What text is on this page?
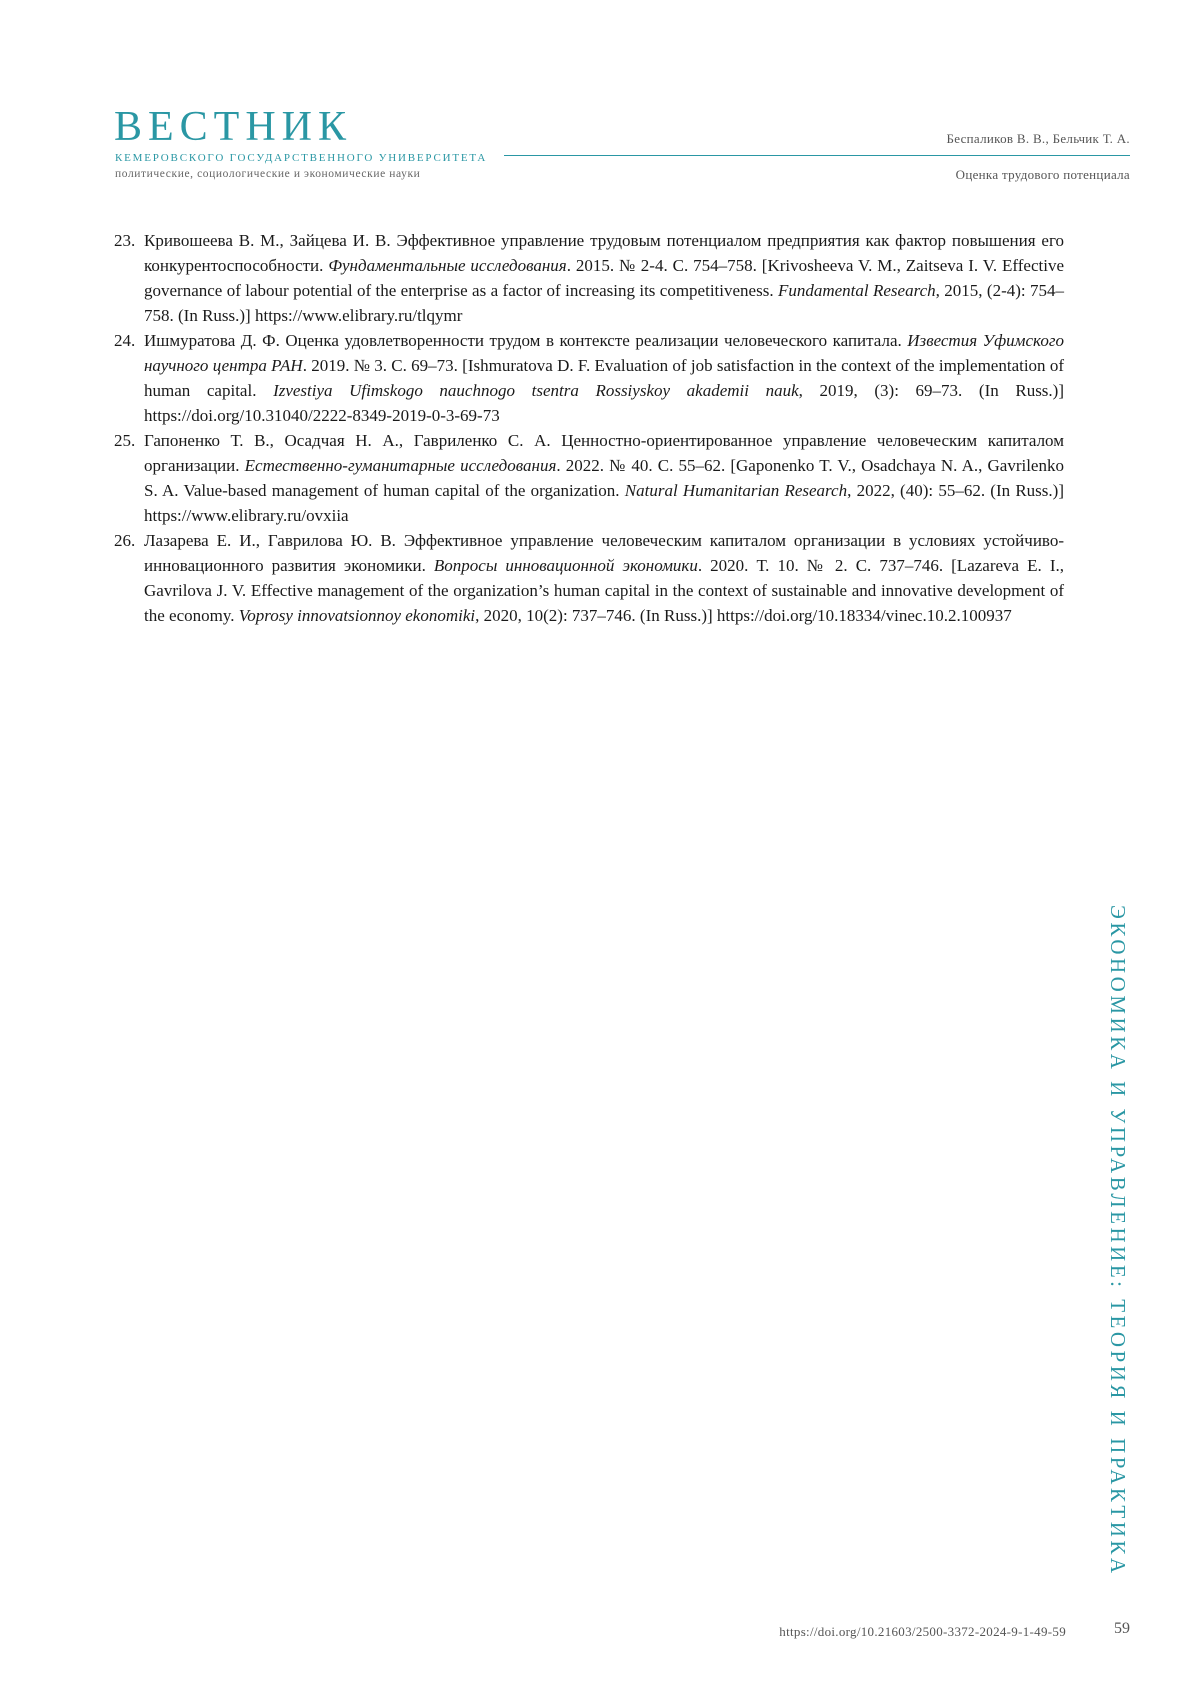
ВЕСТНИК
КЕМЕРОВСКОГО ГОСУДАРСТВЕННОГО УНИВЕРСИТЕТА
политические, социологические и экономические науки
Беспаликов В. В., Бельчик Т. А.
Оценка трудового потенциала
23. Кривошеева В. М., Зайцева И. В. Эффективное управление трудовым потенциалом предприятия как фактор повышения его конкурентоспособности. Фундаментальные исследования. 2015. № 2-4. С. 754–758. [Krivosheeva V. M., Zaitseva I. V. Effective governance of labour potential of the enterprise as a factor of increasing its competitiveness. Fundamental Research, 2015, (2-4): 754–758. (In Russ.)] https://www.elibrary.ru/tlqymr
24. Ишмуратова Д. Ф. Оценка удовлетворенности трудом в контексте реализации человеческого капитала. Известия Уфимского научного центра РАН. 2019. № 3. С. 69–73. [Ishmuratova D. F. Evaluation of job satisfaction in the context of the implementation of human capital. Izvestiya Ufimskogo nauchnogo tsentra Rossiyskoy akademii nauk, 2019, (3): 69–73. (In Russ.)] https://doi.org/10.31040/2222-8349-2019-0-3-69-73
25. Гапоненко Т. В., Осадчая Н. А., Гавриленко С. А. Ценностно-ориентированное управление человеческим капиталом организации. Естественно-гуманитарные исследования. 2022. № 40. С. 55–62. [Gaponenko T. V., Osadchaya N. A., Gavrilenko S. A. Value-based management of human capital of the organization. Natural Humanitarian Research, 2022, (40): 55–62. (In Russ.)] https://www.elibrary.ru/ovxiia
26. Лазарева Е. И., Гаврилова Ю. В. Эффективное управление человеческим капиталом организации в условиях устойчиво-инновационного развития экономики. Вопросы инновационной экономики. 2020. Т. 10. № 2. С. 737–746. [Lazareva E. I., Gavrilova J. V. Effective management of the organization’s human capital in the context of sustainable and innovative development of the economy. Voprosy innovatsionnoy ekonomiki, 2020, 10(2): 737–746. (In Russ.)] https://doi.org/10.18334/vinec.10.2.100937
ЭКОНОМИКА И УПРАВЛЕНИЕ: ТЕОРИЯ И ПРАКТИКА
https://doi.org/10.21603/2500-3372-2024-9-1-49-59	59
